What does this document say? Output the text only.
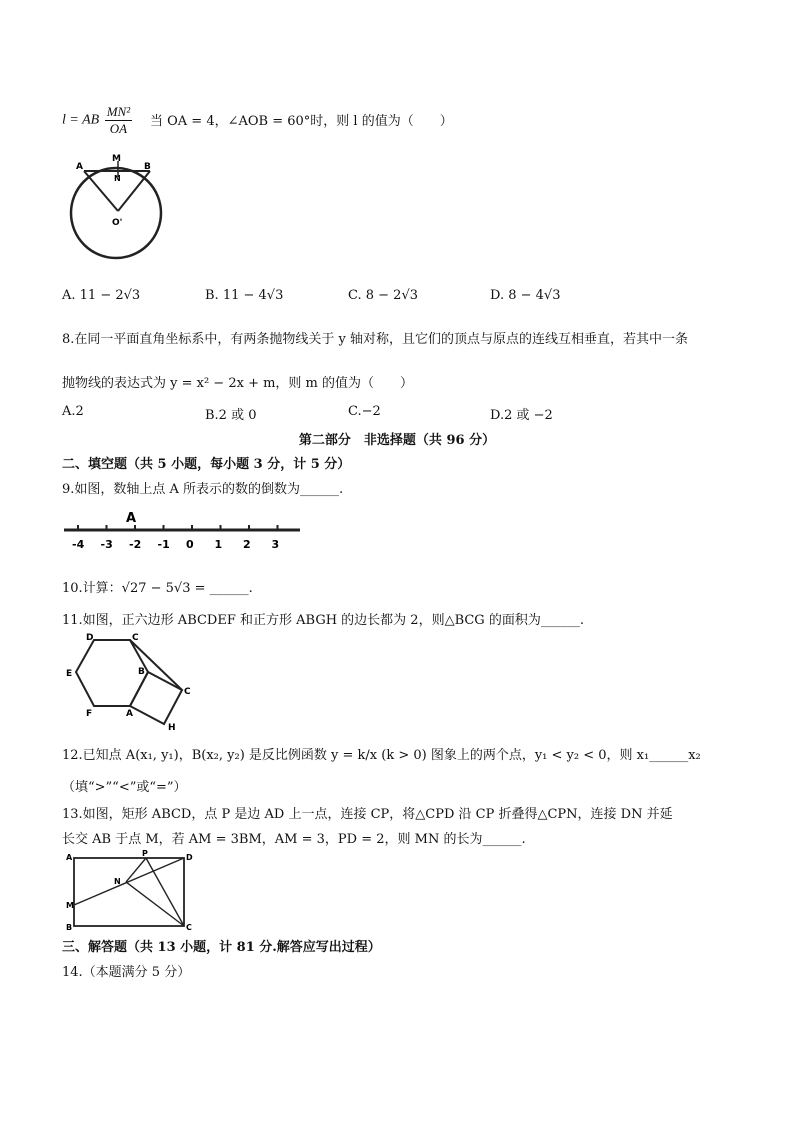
l = AB $\frac{\text{MN²}}{OA}$ 当 OA = 4，∠AOB = 60°时，则 l 的值为（　　）
A
M
B
N
O'
A. 11 − 2√3	B. 11 − 4√3	C. 8 − 2√3	D. 8 − 4√3
8.在同一平面直角坐标系中，有两条抛物线关于 y 轴对称，且它们的顶点与原点的连线互相垂直，若其中一条
抛物线的表达式为 y = x² − 2x + m，则 m 的值为（　　）
A.2	B.2 或 0	C.−2	D.2 或 −2
第二部分　非选择题（共 96 分）
二、填空题（共 5 小题，每小题 3 分，计 5 分）
9.如图，数轴上点 A 所表示的数的倒数为______.
-4 -3 -2 -1 0 1 2 3
A
10.计算：√27 − 5√3 = ______.
11.如图，正六边形 ABCDEF 和正方形 ABGH 的边长都为 2，则△BCG 的面积为______.
D
E
F	A
B
C
C
H
12.已知点 A(x₁, y₁)，B(x₂, y₂) 是反比例函数 y = k/x (k > 0) 图象上的两个点，y₁ < y₂ < 0，则 x₁______x₂
（填“>”“<”或“=”）
13.如图，矩形 ABCD，点 P 是边 AD 上一点，连接 CP，将△CPD 沿 CP 折叠得△CPN，连接 DN 并延
长交 AB 于点 M，若 AM = 3BM，AM = 3，PD = 2，则 MN 的长为______.
A	P	D
N
M
B	C
三、解答题（共 13 小题，计 81 分.解答应写出过程）
14.（本题满分 5 分）
